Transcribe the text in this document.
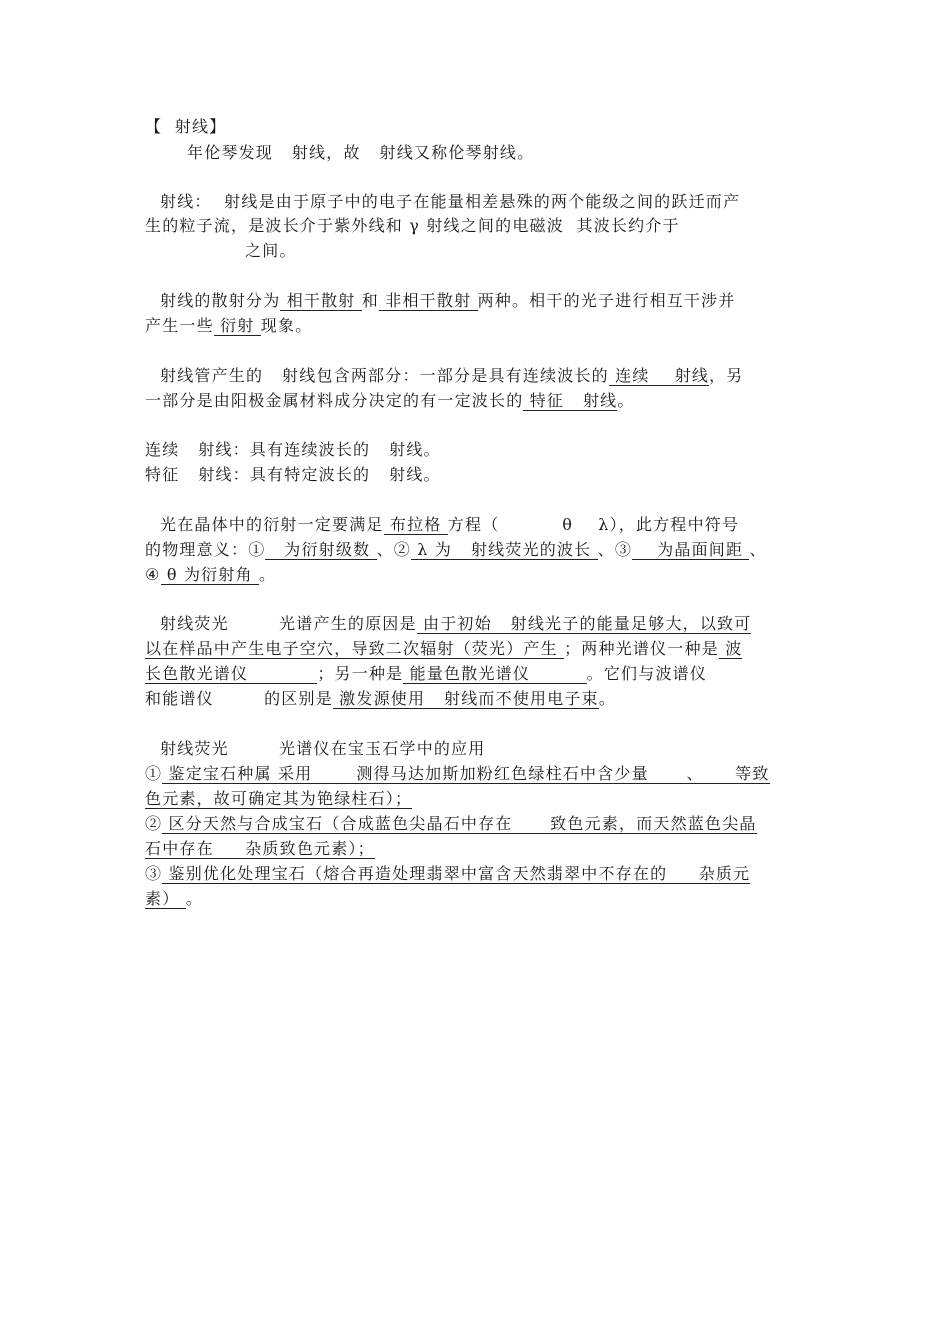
【  射线】
年伦琴发现   射线，故   射线又称伦琴射线。
射线：  射线是由于原子中的电子在能量相差悬殊的两个能级之间的跃迁而产
生的粒子流，是波长介于紫外线和 γ 射线之间的电磁波  其波长约介于
之间。
射线的散射分为 相干散射 和 非相干散射 两种。相干的光子进行相互干涉并
产生一些 衍射 现象。
射线管产生的   射线包含两部分：一部分是具有连续波长的 连续    射线，另
一部分是由阳极金属材料成分决定的有一定波长的 特征   射线。
连续   射线：具有连续波长的   射线。
特征   射线：具有特定波长的   射线。
光在晶体中的衍射一定要满足 布拉格 方程（          θ    λ），此方程中符号
的物理意义：①   为衍射级数 、② λ 为   射线荧光的波长 、③    为晶面间距 、
④ θ 为衍射角 。
射线荧光        光谱产生的原因是 由于初始   射线光子的能量足够大，以致可
以在样品中产生电子空穴，导致二次辐射（荧光）产生 ；两种光谱仪一种是 波
长色散光谱仪           ；另一种是 能量色散光谱仪         。它们与波谱仪
和能谱仪        的区别是 激发源使用   射线而不使用电子束。
射线荧光        光谱仪在宝玉石学中的应用
① 鉴定宝石种属 采用       测得马达加斯加粉红色绿柱石中含少量      、     等致
色元素，故可确定其为铯绿柱石）；
② 区分天然与合成宝石（合成蓝色尖晶石中存在      致色元素，而天然蓝色尖晶
石中存在     杂质致色元素）；
③ 鉴别优化处理宝石（熔合再造处理翡翠中富含天然翡翠中不存在的     杂质元
素） 。
